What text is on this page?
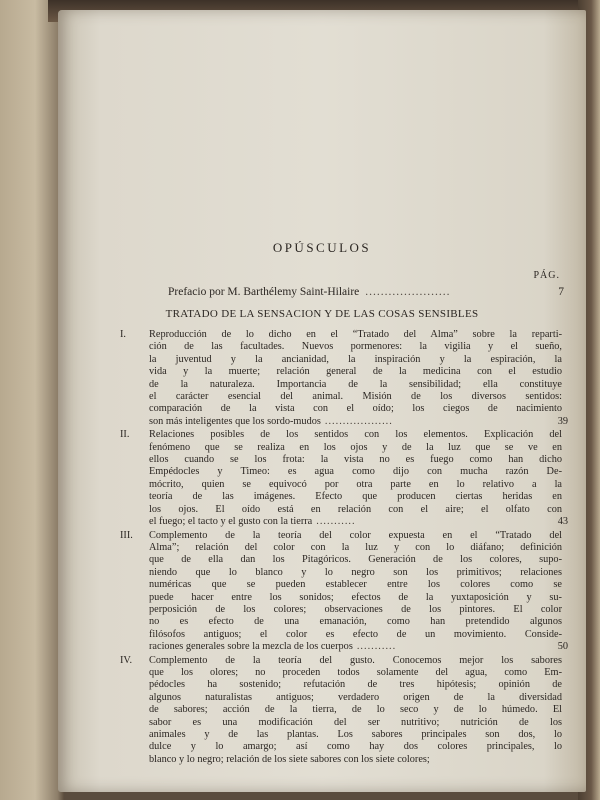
OPÚSCULOS
PÁG.
Prefacio por M. Barthélemy Saint-Hilaire ......................	7
TRATADO DE LA SENSACION Y DE LAS COSAS SENSIBLES
I.	Reproducción de lo dicho en el “Tratado del Alma” sobre la reparti-
ción de las facultades. Nuevos pormenores: la vigilia y el sueño,
la juventud y la ancianidad, la inspiración y la espiración, la
vida y la muerte; relación general de la medicina con el estudio
de la naturaleza. Importancia de la sensibilidad; ella constituye
el carácter esencial del animal. Misión de los diversos sentidos:
comparación de la vista con el oído; los ciegos de nacimiento
son más inteligentes que los sordo-mudos ...................	39
II.	Relaciones posibles de los sentidos con los elementos. Explicación del
fenómeno que se realiza en los ojos y de la luz que se ve en
ellos cuando se los frota: la vista no es fuego como han dicho
Empédocles y Timeo: es agua como dijo con mucha razón De-
mócrito, quien se equivocó por otra parte en lo relativo a la
teoría de las imágenes. Efecto que producen ciertas heridas en
los ojos. El oído está en relación con el aire; el olfato con
el fuego; el tacto y el gusto con la tierra ...........	43
III.	Complemento de la teoría del color expuesta en el “Tratado del
Alma”; relación del color con la luz y con lo diáfano; definición
que de ella dan los Pitagóricos. Generación de los colores, supo-
niendo que lo blanco y lo negro son los primitivos; relaciones
numéricas que se pueden establecer entre los colores como se
puede hacer entre los sonidos; efectos de la yuxtaposición y su-
perposición de los colores; observaciones de los pintores. El color
no es efecto de una emanación, como han pretendido algunos
filósofos antiguos; el color es efecto de un movimiento. Conside-
raciones generales sobre la mezcla de los cuerpos ...........	50
IV.	Complemento de la teoría del gusto. Conocemos mejor los sabores
que los olores; no proceden todos solamente del agua, como Em-
pédocles ha sostenido; refutación de tres hipótesis; opinión de
algunos naturalistas antiguos; verdadero origen de la diversidad
de sabores; acción de la tierra, de lo seco y de lo húmedo. El
sabor es una modificación del ser nutritivo; nutrición de los
animales y de las plantas. Los sabores principales son dos, lo
dulce y lo amargo; así como hay dos colores principales, lo
blanco y lo negro; relación de los siete sabores con los siete colores;
